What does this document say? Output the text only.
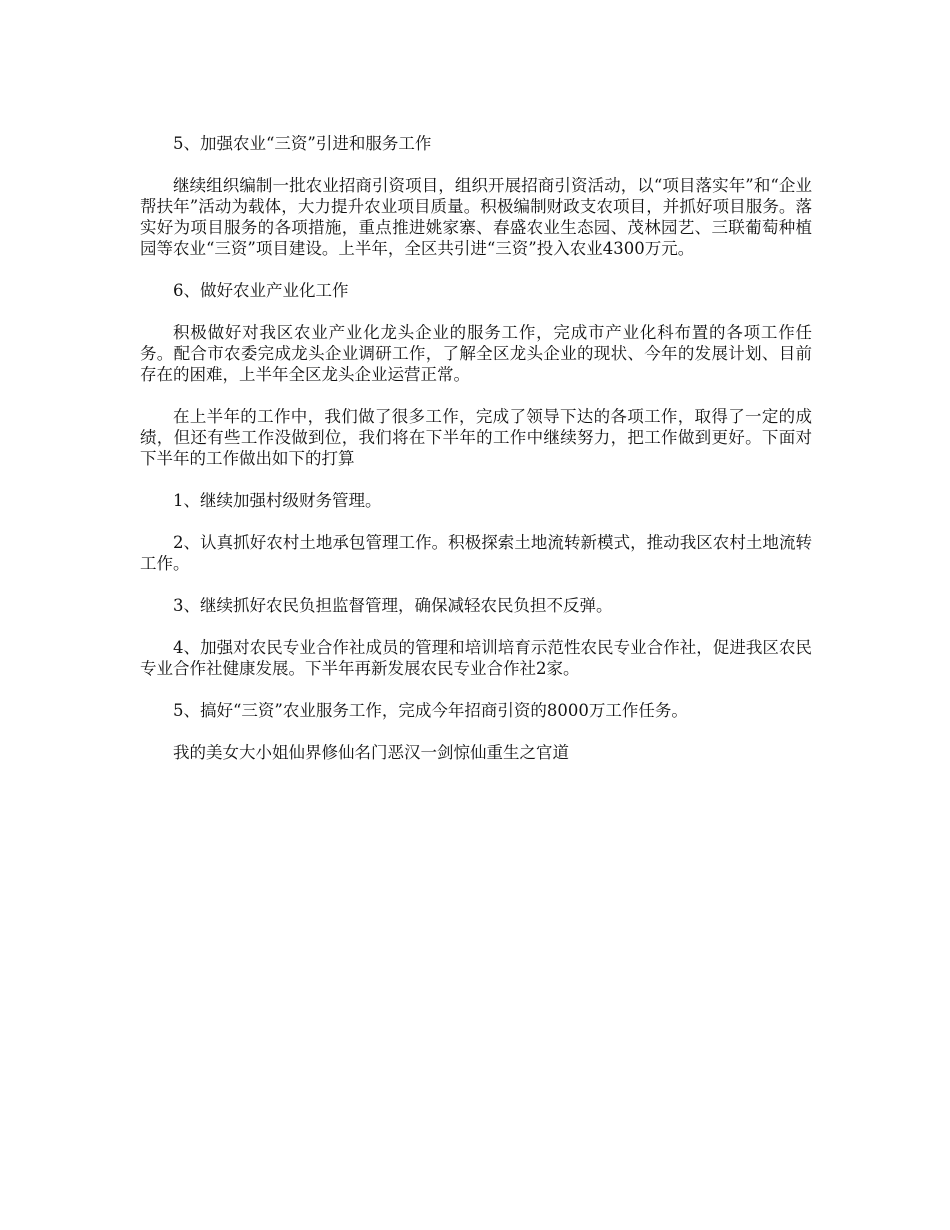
5、加强农业“三资”引进和服务工作

继续组织编制一批农业招商引资项目，组织开展招商引资活动，以“项目落实年”和“企业帮扶年”活动为载体，大力提升农业项目质量。积极编制财政支农项目，并抓好项目服务。落实好为项目服务的各项措施，重点推进姚家寨、春盛农业生态园、茂林园艺、三联葡萄种植园等农业“三资”项目建设。上半年，全区共引进“三资”投入农业4300万元。

6、做好农业产业化工作

积极做好对我区农业产业化龙头企业的服务工作，完成市产业化科布置的各项工作任务。配合市农委完成龙头企业调研工作，了解全区龙头企业的现状、今年的发展计划、目前存在的困难，上半年全区龙头企业运营正常。

在上半年的工作中，我们做了很多工作，完成了领导下达的各项工作，取得了一定的成绩，但还有些工作没做到位，我们将在下半年的工作中继续努力，把工作做到更好。下面对下半年的工作做出如下的打算

1、继续加强村级财务管理。

2、认真抓好农村土地承包管理工作。积极探索土地流转新模式，推动我区农村土地流转工作。

3、继续抓好农民负担监督管理，确保减轻农民负担不反弹。

4、加强对农民专业合作社成员的管理和培训培育示范性农民专业合作社，促进我区农民专业合作社健康发展。下半年再新发展农民专业合作社2家。

5、搞好“三资”农业服务工作，完成今年招商引资的8000万工作任务。

我的美女大小姐仙界修仙名门恶汉一剑惊仙重生之官道
